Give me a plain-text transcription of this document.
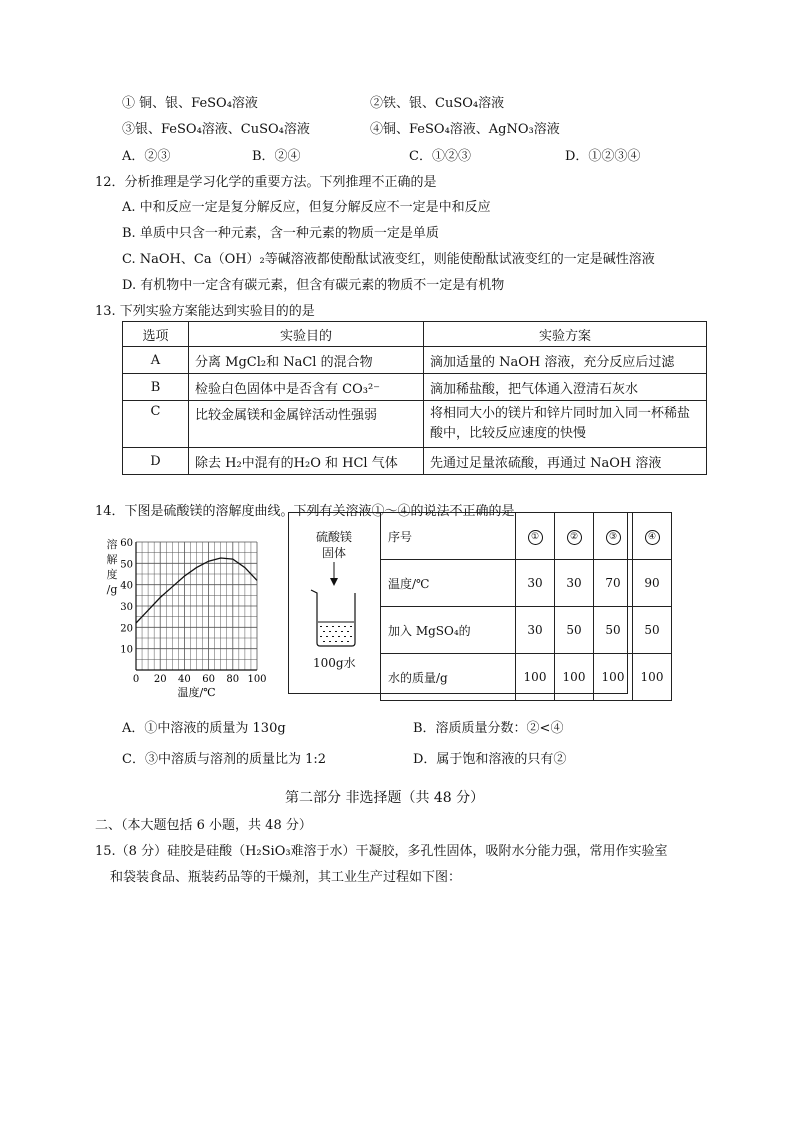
① 铜、银、FeSO₄溶液	②铁、银、CuSO₄溶液
③银、FeSO₄溶液、CuSO₄溶液	④铜、FeSO₄溶液、AgNO₃溶液
A．②③	B．②④	C．①②③	D．①②③④
12．分析推理是学习化学的重要方法。下列推理不正确的是
A. 中和反应一定是复分解反应，但复分解反应不一定是中和反应
B. 单质中只含一种元素，含一种元素的物质一定是单质
C. NaOH、Ca（OH）₂等碱溶液都使酚酞试液变红，则能使酚酞试液变红的一定是碱性溶液
D. 有机物中一定含有碳元素，但含有碳元素的物质不一定是有机物
13. 下列实验方案能达到实验目的的是
选项	实验目的	实验方案
A	分离 MgCl₂和 NaCl 的混合物	滴加适量的 NaOH 溶液，充分反应后过滤
B	检验白色固体中是否含有 CO₃²⁻	滴加稀盐酸，把气体通入澄清石灰水
C	比较金属镁和金属锌活动性强弱	将相同大小的镁片和锌片同时加入同一杯稀盐酸中，比较反应速度的快慢
D	除去 H₂中混有的H₂O 和 HCl 气体	先通过足量浓硫酸，再通过 NaOH 溶液
14．下图是硫酸镁的溶解度曲线。下列有关溶液①～④的说法不正确的是
溶
解
度
/g
0 20 40 60 80 100
10
20
30
40
50
60
温度/℃
硫酸镁
固体
100g水
序号	①	②	③	④
温度/℃	30	30	70	90
加入 MgSO₄的	30	50	50	50
水的质量/g	100	100	100	100
A．①中溶液的质量为 130g	B．溶质质量分数：②<④
C．③中溶质与溶剂的质量比为 1:2	D．属于饱和溶液的只有②
第二部分 非选择题（共 48 分）
二、（本大题包括 6 小题，共 48 分）
15.（8 分）硅胶是硅酸（H₂SiO₃难溶于水）干凝胶，多孔性固体，吸附水分能力强，常用作实验室
和袋装食品、瓶装药品等的干燥剂，其工业生产过程如下图：
